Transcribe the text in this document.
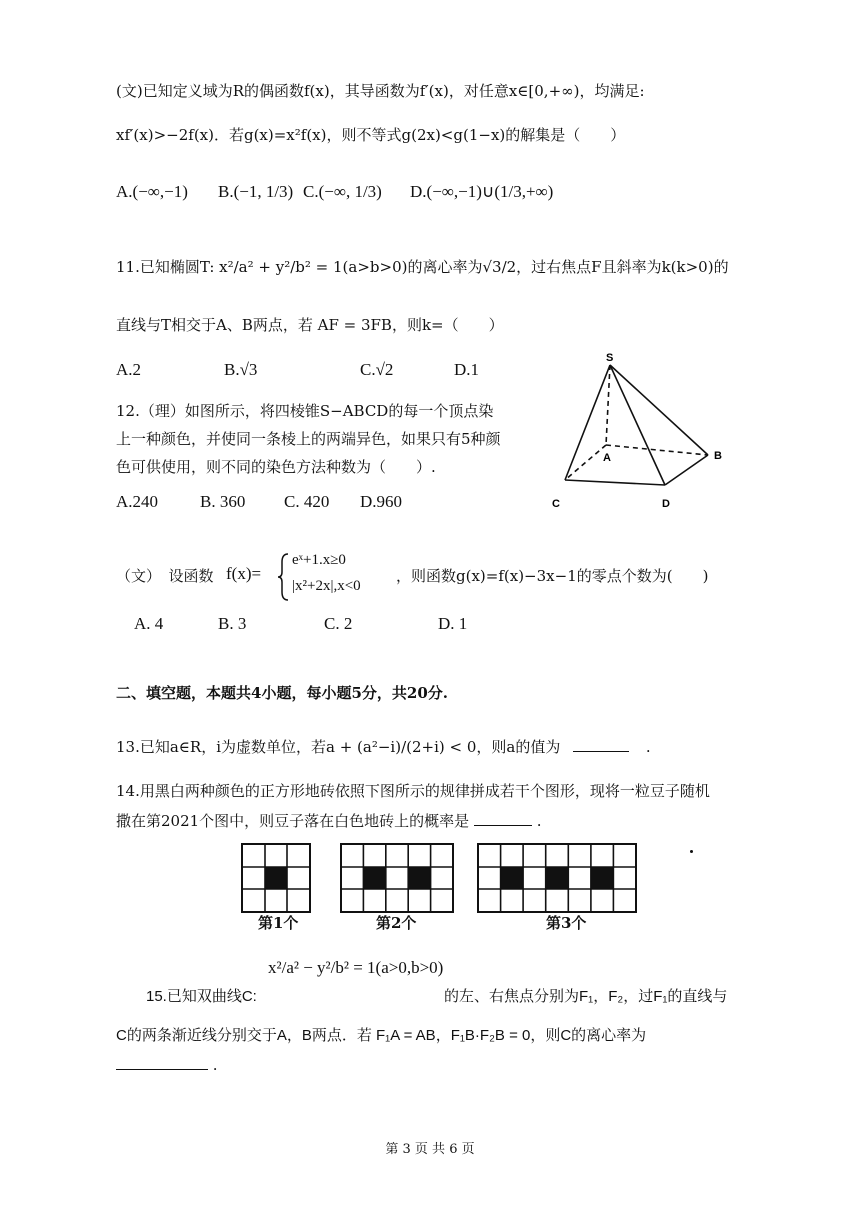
(文)已知定义域为R的偶函数f(x)，其导函数为f′(x)，对任意x∈[0,+∞)，均满足:
xf′(x)>−2f(x)．若g(x)=x²f(x)，则不等式g(2x)<g(1−x)的解集是（　　）
A.(−∞,−1) B.(−1, 1/3) C.(−∞, 1/3) D.(−∞,−1)∪(1/3,+∞)
11.已知椭圆T: x²/a² + y²/b² = 1(a>b>0)的离心率为√3/2，过右焦点F且斜率为k(k>0)的
直线与T相交于A、B两点，若 AF = 3FB，则k=（　　）
A.2	B.√3	C.√2	D.1
12.（理）如图所示，将四棱锥S−ABCD的每一个顶点染
上一种颜色，并使同一条棱上的两端异色，如果只有5种颜
色可供使用，则不同的染色方法种数为（　　）.
A.240 B. 360 C. 420 D.960
S
A	B
C	D
（文）　设函数 f(x)=
eˣ+1.x≥0
|x²+2x|,x<0
，则函数g(x)=f(x)−3x−1的零点个数为(　　)
A. 4	B. 3	C. 2	D. 1
二、填空题，本题共4小题，每小题5分，共20分.
13.已知a∈R，i为虚数单位，若a + (a²−i)/(2+i) < 0，则a的值为	.
14.用黑白两种颜色的正方形地砖依照下图所示的规律拼成若干个图形，现将一粒豆子随机
撒在第2021个图中，则豆子落在白色地砖上的概率是	.
第1个	第2个	第3个
x²/a² − y²/b² = 1(a>0,b>0)
15.已知双曲线C:	的左、右焦点分别为F₁，F₂，过F₁的直线与
C的两条渐近线分别交于A，B两点．若 F₁A = AB，F₁B·F₂B = 0，则C的离心率为
.
第 3 页 共 6 页
